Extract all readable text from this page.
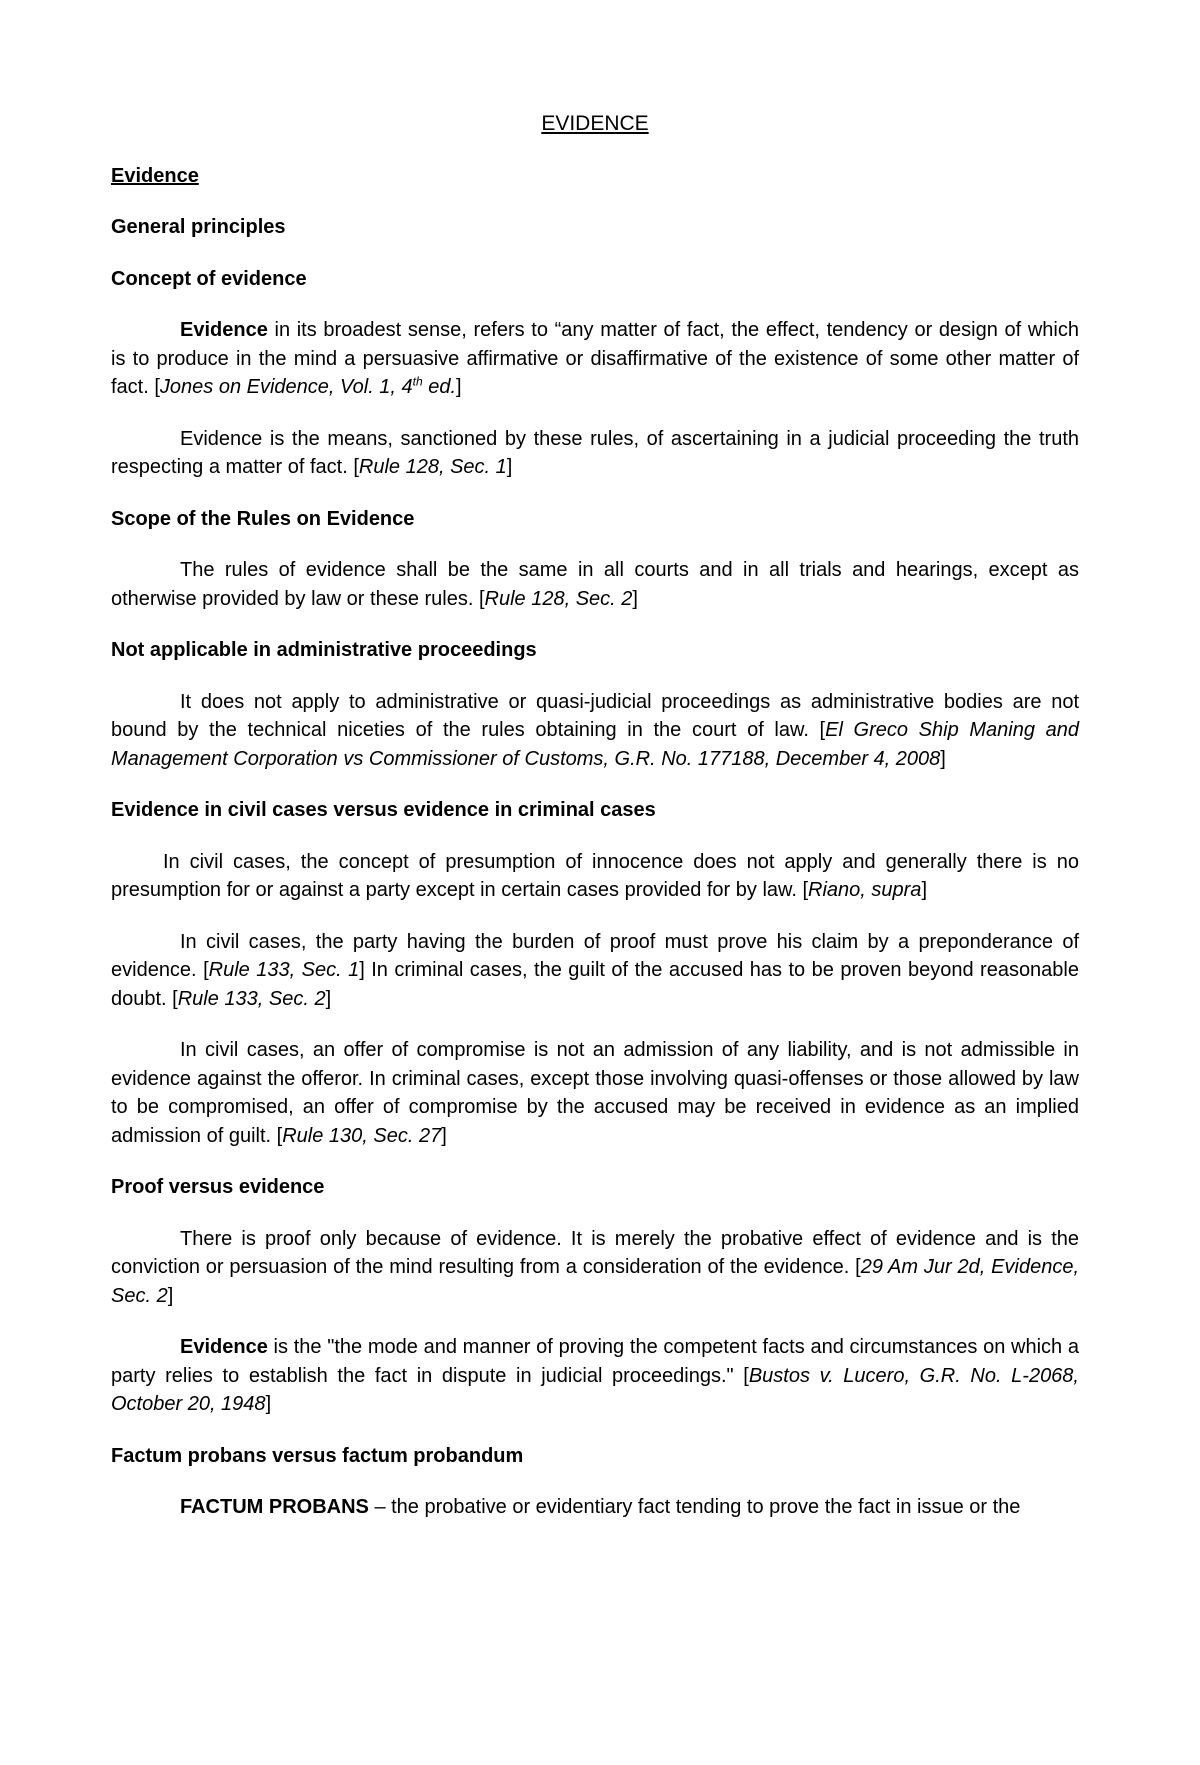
EVIDENCE
Evidence
General principles
Concept of evidence

Evidence in its broadest sense, refers to “any matter of fact, the effect, tendency or design of which is to produce in the mind a persuasive affirmative or disaffirmative of the existence of some other matter of fact. [Jones on Evidence, Vol. 1, 4th ed.]

Evidence is the means, sanctioned by these rules, of ascertaining in a judicial proceeding the truth respecting a matter of fact. [Rule 128, Sec. 1]

Scope of the Rules on Evidence

The rules of evidence shall be the same in all courts and in all trials and hearings, except as otherwise provided by law or these rules. [Rule 128, Sec. 2]

Not applicable in administrative proceedings

It does not apply to administrative or quasi-judicial proceedings as administrative bodies are not bound by the technical niceties of the rules obtaining in the court of law. [El Greco Ship Maning and Management Corporation vs Commissioner of Customs, G.R. No. 177188, December 4, 2008]

Evidence in civil cases versus evidence in criminal cases

In civil cases, the concept of presumption of innocence does not apply and generally there is no presumption for or against a party except in certain cases provided for by law. [Riano, supra]

In civil cases, the party having the burden of proof must prove his claim by a preponderance of evidence. [Rule 133, Sec. 1] In criminal cases, the guilt of the accused has to be proven beyond reasonable doubt. [Rule 133, Sec. 2]

In civil cases, an offer of compromise is not an admission of any liability, and is not admissible in evidence against the offeror. In criminal cases, except those involving quasi-offenses or those allowed by law to be compromised, an offer of compromise by the accused may be received in evidence as an implied admission of guilt. [Rule 130, Sec. 27]

Proof versus evidence

There is proof only because of evidence. It is merely the probative effect of evidence and is the conviction or persuasion of the mind resulting from a consideration of the evidence. [29 Am Jur 2d, Evidence, Sec. 2]

Evidence is the "the mode and manner of proving the competent facts and circumstances on which a party relies to establish the fact in dispute in judicial proceedings." [Bustos v. Lucero, G.R. No. L-2068, October 20, 1948]

Factum probans versus factum probandum

FACTUM PROBANS – the probative or evidentiary fact tending to prove the fact in issue or the
